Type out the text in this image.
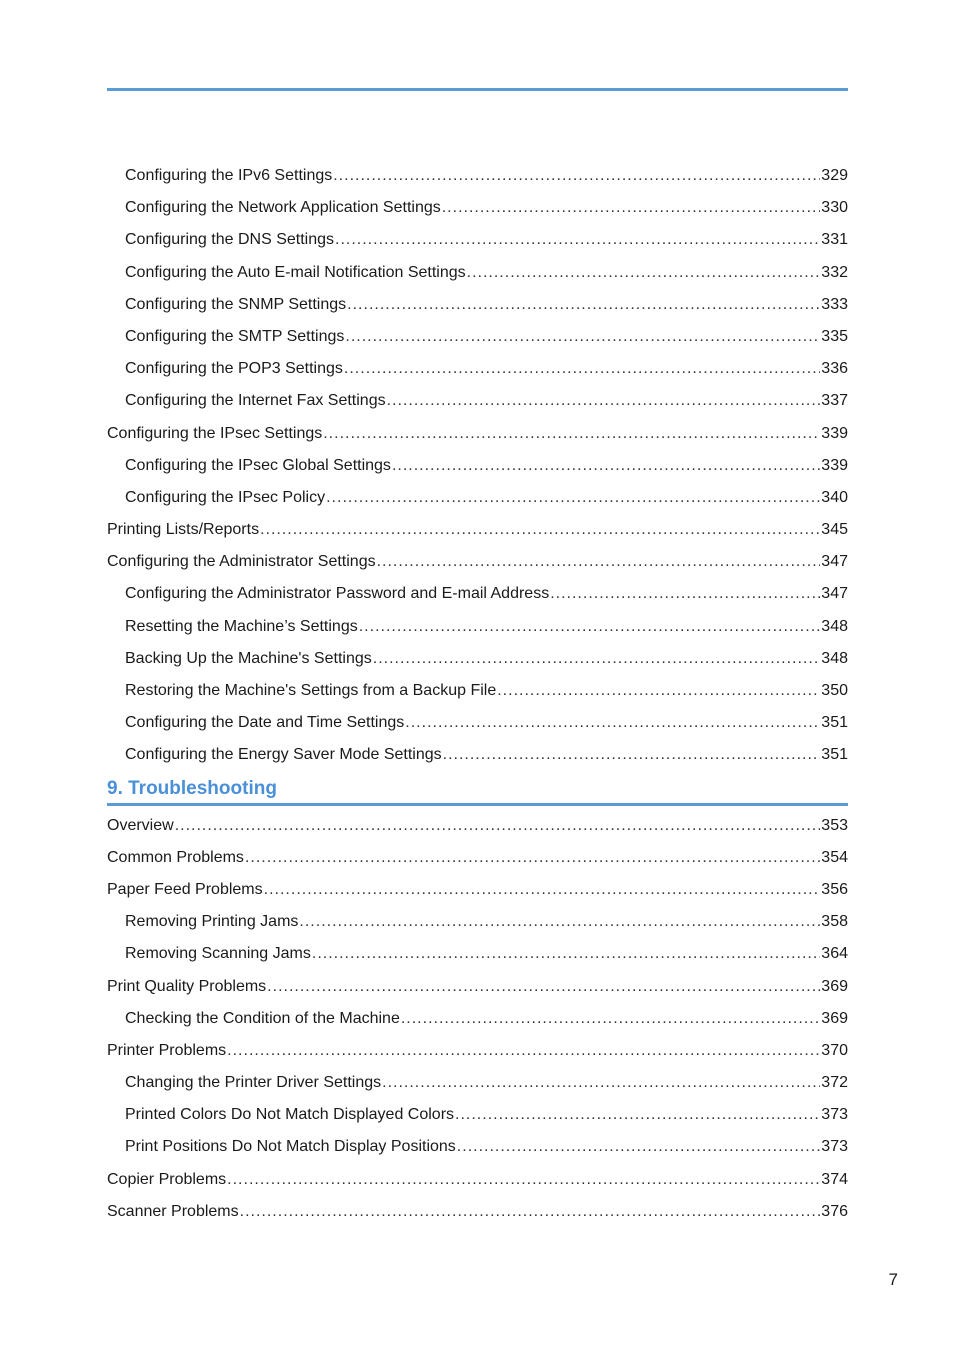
Configuring the IPv6 Settings .....	329
Configuring the Network Application Settings .....	330
Configuring the DNS Settings .....	331
Configuring the Auto E-mail Notification Settings .....	332
Configuring the SNMP Settings .....	333
Configuring the SMTP Settings .....	335
Configuring the POP3 Settings .....	336
Configuring the Internet Fax Settings .....	337
Configuring the IPsec Settings .....	339
Configuring the IPsec Global Settings .....	339
Configuring the IPsec Policy .....	340
Printing Lists/Reports .....	345
Configuring the Administrator Settings .....	347
Configuring the Administrator Password and E-mail Address .....	347
Resetting the Machine’s Settings .....	348
Backing Up the Machine's Settings .....	348
Restoring the Machine's Settings from a Backup File .....	350
Configuring the Date and Time Settings .....	351
Configuring the Energy Saver Mode Settings .....	351
9. Troubleshooting
Overview .....	353
Common Problems .....	354
Paper Feed Problems .....	356
Removing Printing Jams .....	358
Removing Scanning Jams .....	364
Print Quality Problems .....	369
Checking the Condition of the Machine .....	369
Printer Problems .....	370
Changing the Printer Driver Settings .....	372
Printed Colors Do Not Match Displayed Colors .....	373
Print Positions Do Not Match Display Positions .....	373
Copier Problems .....	374
Scanner Problems .....	376
7
